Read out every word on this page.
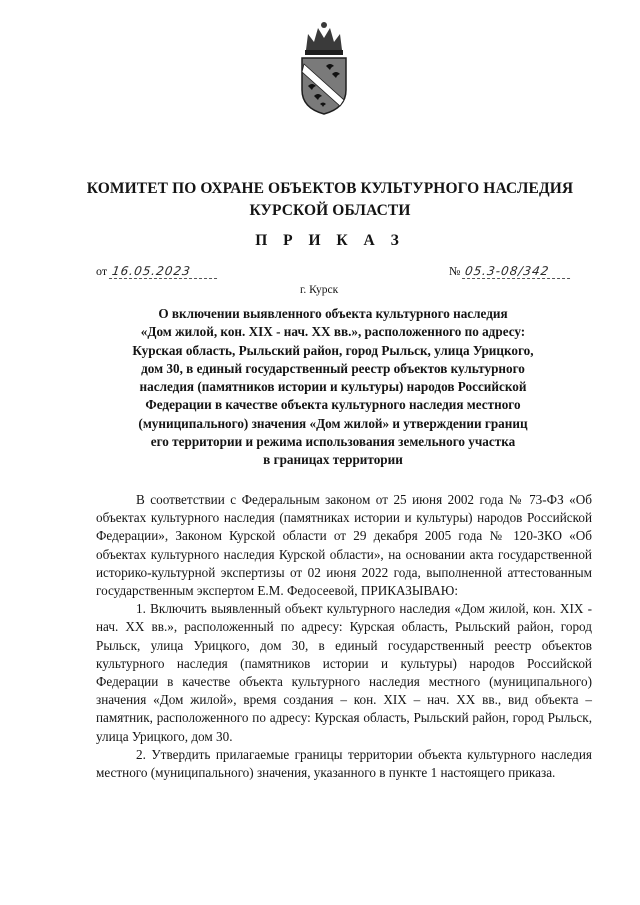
КОМИТЕТ ПО ОХРАНЕ ОБЪЕКТОВ КУЛЬТУРНОГО НАСЛЕДИЯ
КУРСКОЙ ОБЛАСТИ
П Р И К А З
от 16.05.2023	№ 05.3-08/342
г. Курск
О включении выявленного объекта культурного наследия
«Дом жилой, кон. XIX - нач. XX вв.», расположенного по адресу:
Курская область, Рыльский район, город Рыльск, улица Урицкого,
дом 30, в единый государственный реестр объектов культурного
наследия (памятников истории и культуры) народов Российской
Федерации в качестве объекта культурного наследия местного
(муниципального) значения «Дом жилой» и утверждении границ
его территории и режима использования земельного участка
в границах территории

В соответствии с Федеральным законом от 25 июня 2002 года № 73-ФЗ «Об объектах культурного наследия (памятниках истории и культуры) народов Российской Федерации», Законом Курской области от 29 декабря 2005 года № 120-ЗКО «Об объектах культурного наследия Курской области», на основании акта государственной историко-культурной экспертизы от 02 июня 2022 года, выполненной аттестованным государственным экспертом Е.М. Федосеевой, ПРИКАЗЫВАЮ:

1. Включить выявленный объект культурного наследия «Дом жилой, кон. XIX - нач. XX вв.», расположенный по адресу: Курская область, Рыльский район, город Рыльск, улица Урицкого, дом 30, в единый государственный реестр объектов культурного наследия (памятников истории и культуры) народов Российской Федерации в качестве объекта культурного наследия местного (муниципального) значения «Дом жилой», время создания – кон. XIX – нач. XX вв., вид объекта – памятник, расположенного по адресу: Курская область, Рыльский район, город Рыльск, улица Урицкого, дом 30.

2. Утвердить прилагаемые границы территории объекта культурного наследия местного (муниципального) значения, указанного в пункте 1 настоящего приказа.
